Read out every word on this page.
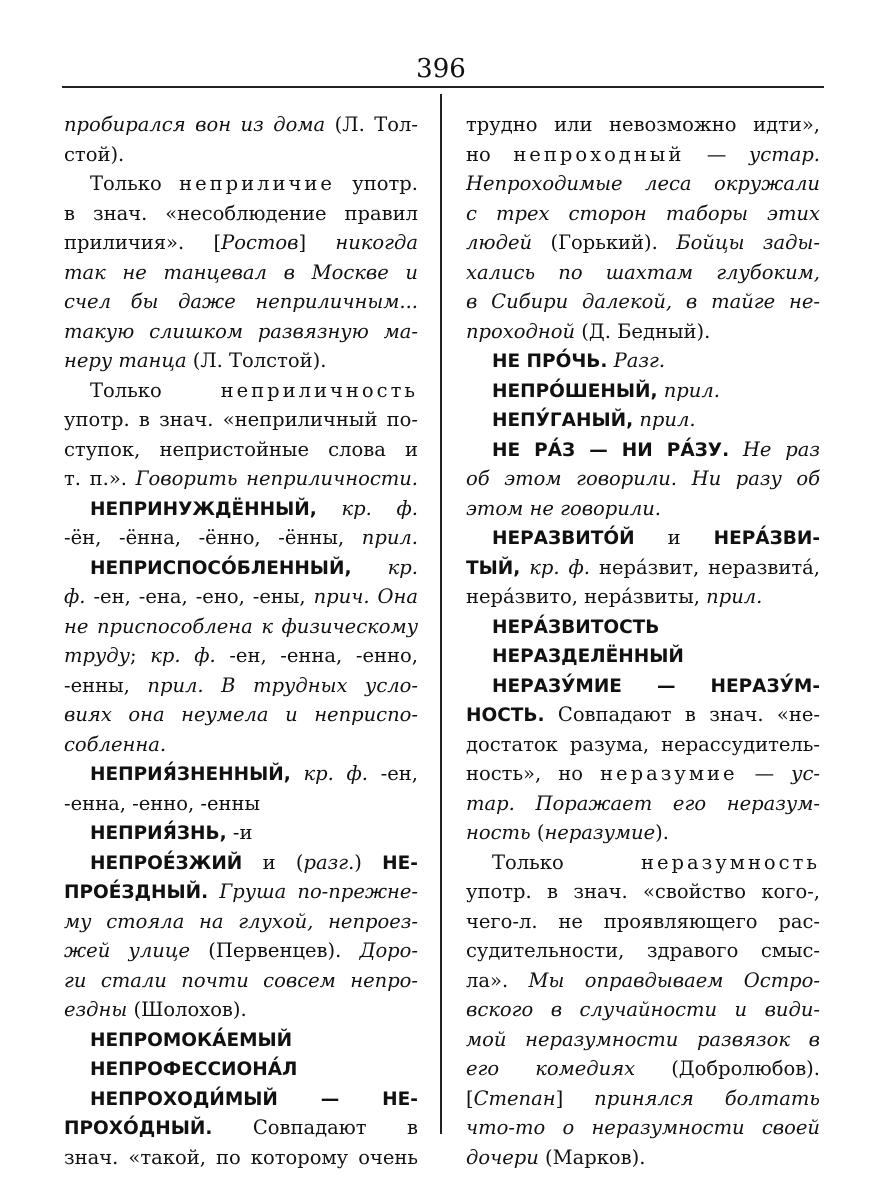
396
пробирался вон из дома (Л. Тол-
стой).
Только неприличие употр.
в знач. «несоблюдение правил
приличия». [Ростов] никогда
так не танцевал в Москве и
счел бы даже неприличным...
такую слишком развязную ма-
неру танца (Л. Толстой).
Только неприличность
употр. в знач. «неприличный по-
ступок, непристойные слова и
т. п.». Говорить неприличности.
НЕПРИНУЖДЁННЫЙ, кр. ф.
-ён, -ённа, -ённо, -ённы, прил.
НЕПРИСПОСО́БЛЕННЫЙ, кр.
ф. -ен, -ена, -ено, -ены, прич. Она
не приспособлена к физическому
труду; кр. ф. -ен, -енна, -енно,
-енны, прил. В трудных усло-
виях она неумела и неприспо-
собленна.
НЕПРИЯ́ЗНЕННЫЙ, кр. ф. -ен,
-енна, -енно, -енны
НЕПРИЯ́ЗНЬ, -и
НЕПРОЕ́ЗЖИЙ и (разг.) НЕ-
ПРОЕ́ЗДНЫЙ. Груша по-прежне-
му стояла на глухой, непроез-
жей улице (Первенцев). Доро-
ги стали почти совсем непро-
ездны (Шолохов).
НЕПРОМОКА́ЕМЫЙ
НЕПРОФЕССИОНА́Л
НЕПРОХОДИ́МЫЙ — НЕ-
ПРОХО́ДНЫЙ. Совпадают в
знач. «такой, по которому очень
трудно или невозможно идти»,
но непроходный — устар.
Непроходимые леса окружали
с трех сторон таборы этих
людей (Горький). Бойцы зады-
хались по шахтам глубоким,
в Сибири далекой, в тайге не-
проходной (Д. Бедный).
НЕ ПРО́ЧЬ. Разг.
НЕПРО́ШЕНЫЙ, прил.
НЕПУ́ГАНЫЙ, прил.
НЕ РА́З — НИ РА́ЗУ. Не раз
об этом говорили. Ни разу об
этом не говорили.
НЕРАЗВИТО́Й и НЕРА́ЗВИ-
ТЫЙ, кр. ф. нера́звит, неразвита́,
нера́звито, нера́звиты, прил.
НЕРА́ЗВИТОСТЬ
НЕРАЗДЕЛЁННЫЙ
НЕРАЗУ́МИЕ — НЕРАЗУ́М-
НОСТЬ. Совпадают в знач. «не-
достаток разума, нерассудитель-
ность», но неразумие — ус-
тар. Поражает его неразум-
ность (неразумие).
Только неразумность
употр. в знач. «свойство кого-,
чего-л. не проявляющего рас-
судительности, здравого смыс-
ла». Мы оправдываем Остро-
вского в случайности и види-
мой неразумности развязок в
его комедиях (Добролюбов).
[Степан] принялся болтать
что-то о неразумности своей
дочери (Марков).
